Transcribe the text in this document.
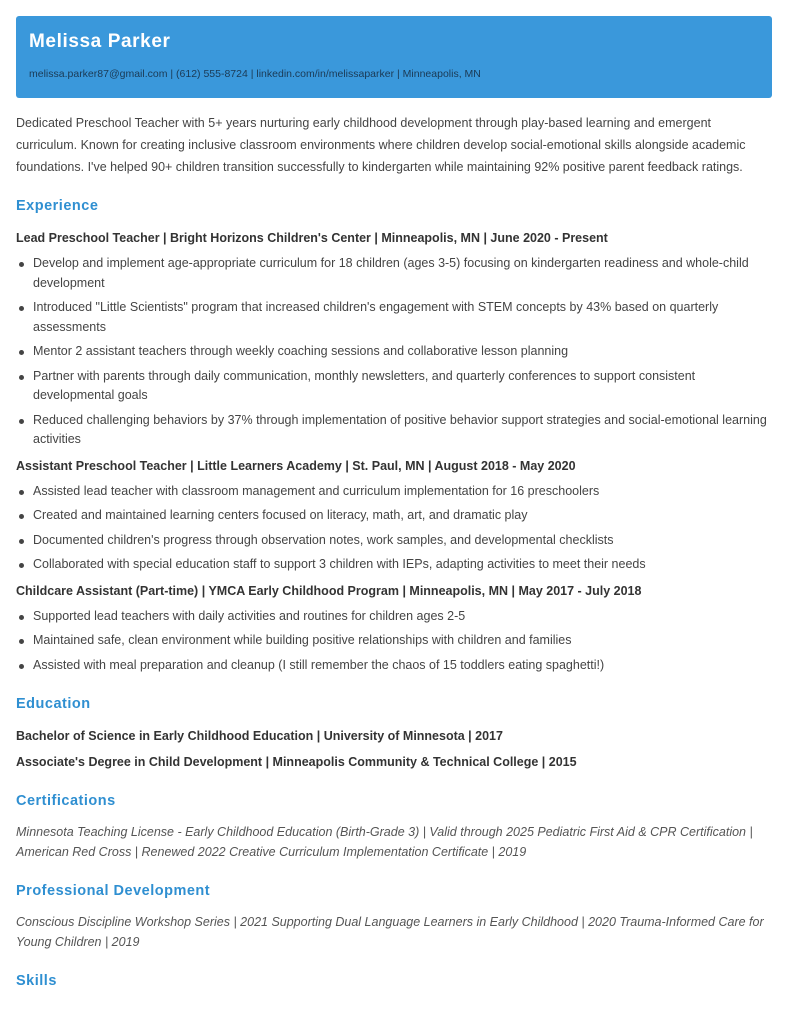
Melissa Parker
melissa.parker87@gmail.com | (612) 555-8724 | linkedin.com/in/melissaparker | Minneapolis, MN

Dedicated Preschool Teacher with 5+ years nurturing early childhood development through play-based learning and emergent curriculum. Known for creating inclusive classroom environments where children develop social-emotional skills alongside academic foundations. I've helped 90+ children transition successfully to kindergarten while maintaining 92% positive parent feedback ratings.

Experience
Lead Preschool Teacher | Bright Horizons Children's Center | Minneapolis, MN | June 2020 - Present
Develop and implement age-appropriate curriculum for 18 children (ages 3-5) focusing on kindergarten readiness and whole-child development
Introduced "Little Scientists" program that increased children's engagement with STEM concepts by 43% based on quarterly assessments
Mentor 2 assistant teachers through weekly coaching sessions and collaborative lesson planning
Partner with parents through daily communication, monthly newsletters, and quarterly conferences to support consistent developmental goals
Reduced challenging behaviors by 37% through implementation of positive behavior support strategies and social-emotional learning activities
Assistant Preschool Teacher | Little Learners Academy | St. Paul, MN | August 2018 - May 2020
Assisted lead teacher with classroom management and curriculum implementation for 16 preschoolers
Created and maintained learning centers focused on literacy, math, art, and dramatic play
Documented children's progress through observation notes, work samples, and developmental checklists
Collaborated with special education staff to support 3 children with IEPs, adapting activities to meet their needs
Childcare Assistant (Part-time) | YMCA Early Childhood Program | Minneapolis, MN | May 2017 - July 2018
Supported lead teachers with daily activities and routines for children ages 2-5
Maintained safe, clean environment while building positive relationships with children and families
Assisted with meal preparation and cleanup (I still remember the chaos of 15 toddlers eating spaghetti!)
Education
Bachelor of Science in Early Childhood Education | University of Minnesota | 2017
Associate's Degree in Child Development | Minneapolis Community & Technical College | 2015
Certifications
Minnesota Teaching License - Early Childhood Education (Birth-Grade 3) | Valid through 2025 Pediatric First Aid & CPR Certification | American Red Cross | Renewed 2022 Creative Curriculum Implementation Certificate | 2019
Professional Development
Conscious Discipline Workshop Series | 2021 Supporting Dual Language Learners in Early Childhood | 2020 Trauma-Informed Care for Young Children | 2019
Skills
